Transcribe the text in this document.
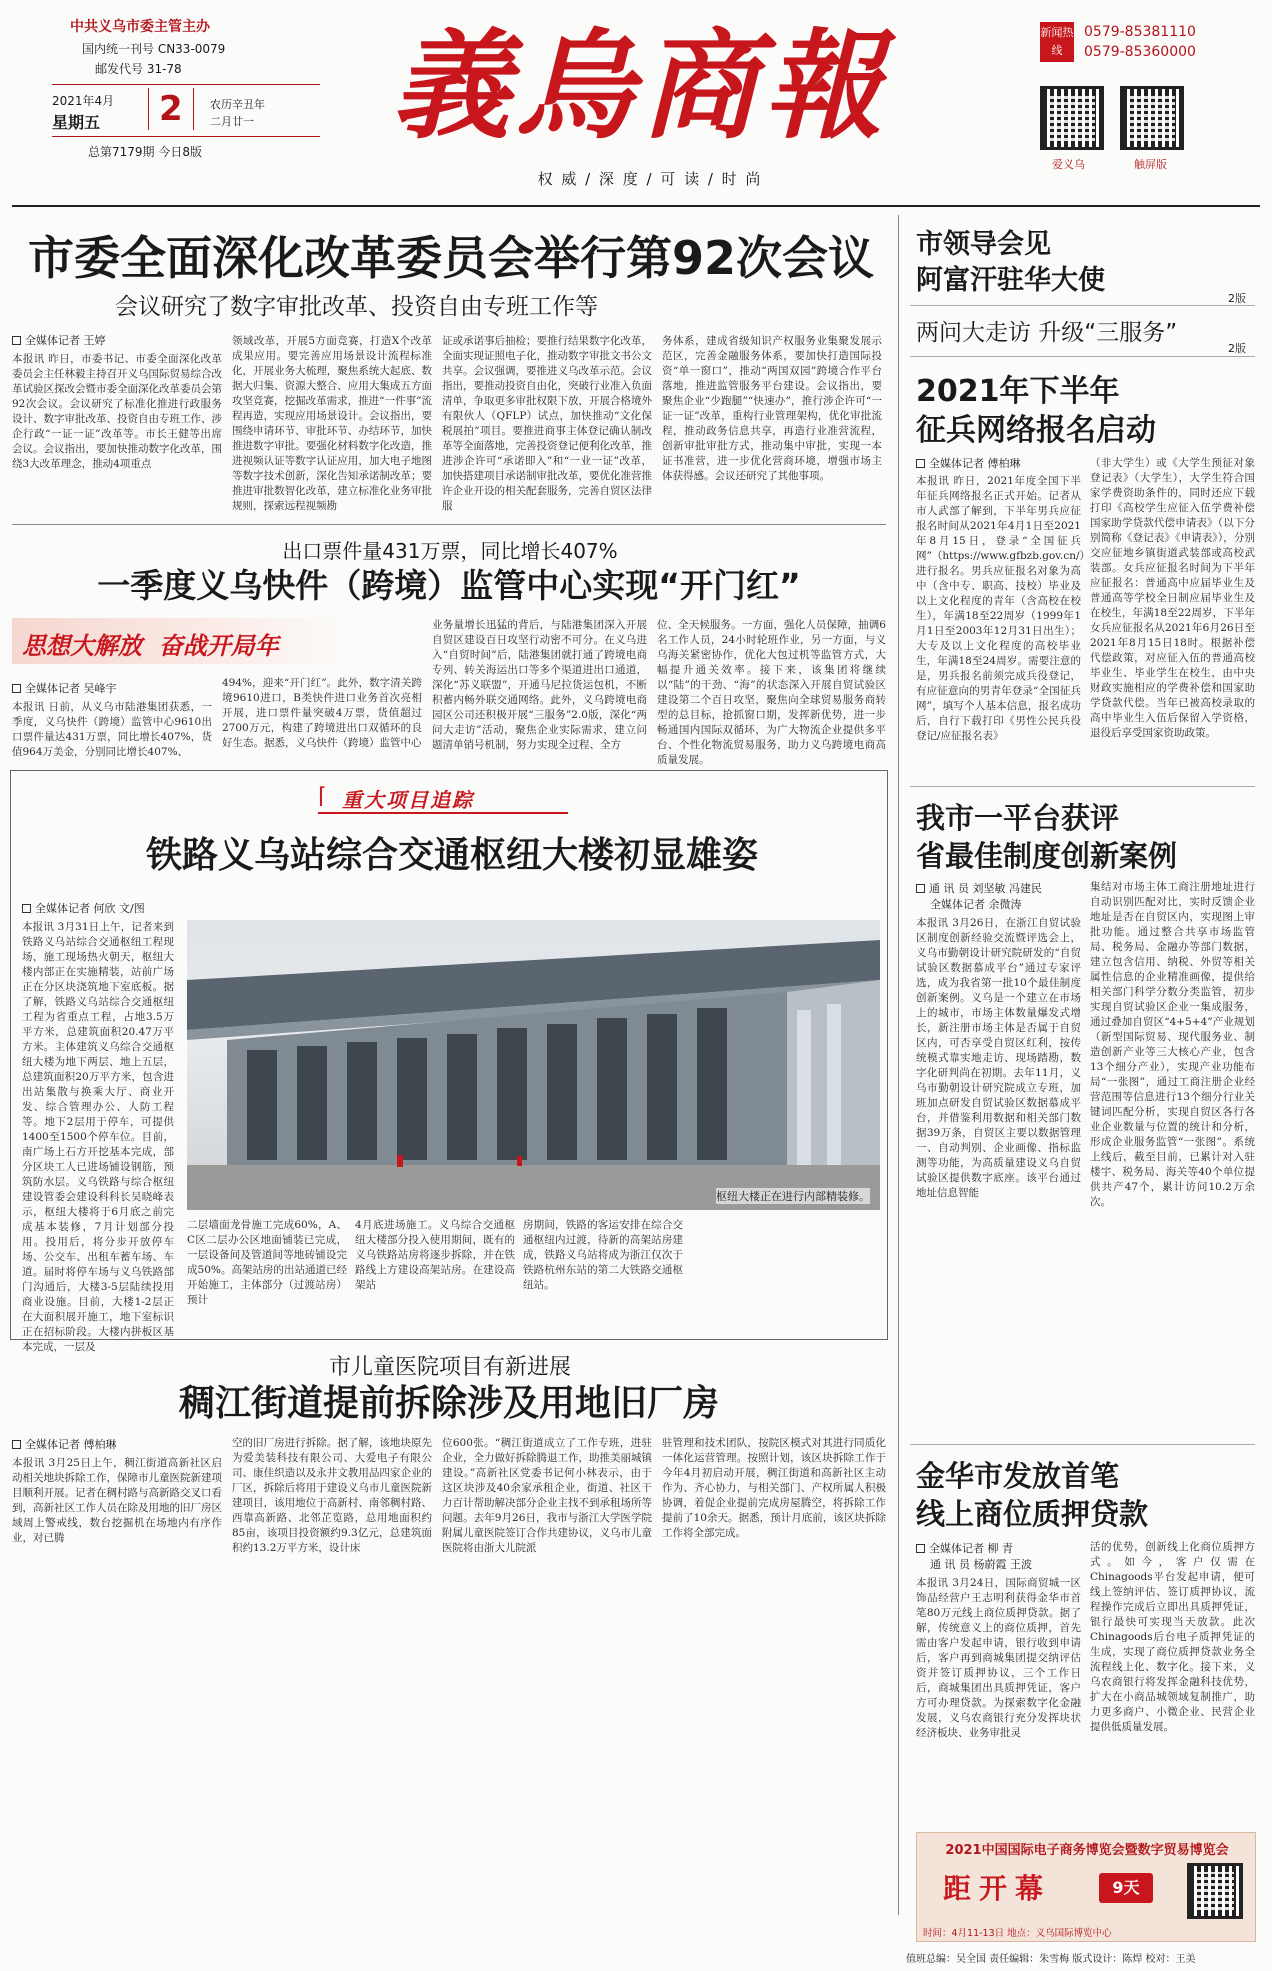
中共义乌市委主管主办
国内统一刊号 CN33-0079
邮发代号 31-78
2021年4月
星期五	2	农历辛丑年
二月廿一
总第7179期 今日8版 義烏商報
权 威 / 深 度 / 可 读 / 时 尚
新闻热线
0579-85381110
0579-85360000
爱义乌	触屏版
市委全面深化改革委员会举行第92次会议
会议研究了数字审批改革、投资自由专班工作等
全媒体记者 王婷
本报讯 昨日，市委书记、市委全面深化改革委员会主任林毅主持召开义乌国际贸易综合改革试验区探改会暨市委全面深化改革委员会第92次会议。会议研究了标准化推进行政服务设计、数字审批改革、投资自由专班工作、涉企行政“一证一证”改革等。市长王健等出席会议。会议指出，要加快推动数字化改革，围绕3大改革理念，推动4项重点
领域改革，开展5方面竞赛，打造X个改革成果应用。要完善应用场景设计流程标准化，开展业务大梳理，聚焦系统大起底、数据大归集、资源大整合、应用大集成五方面攻坚竞赛，挖掘改革需求，推进“一件事”流程再造，实现应用场景设计。会议指出，要围绕申请环节、审批环节、办结环节，加快推进数字审批。要强化材料数字化改造，推进视频认证等数字认证应用，加大电子地图等数字技术创新，深化告知承诺制改革；要推进审批数智化改革，建立标准化业务审批规则，探索远程视频勘
证或承诺事后抽检；要推行结果数字化改革，全面实现证照电子化，推动数字审批文书公文共享。会议强调，要推进义乌改革示范。会议指出，要推动投资自由化，突破行业准入负面清单，争取更多审批权限下放，开展合格境外有限伙人（QFLP）试点，加快推动“文化保税展拍”项目。要推进商事主体登记确认制改革等全面落地，完善投资登记便利化改革，推进涉企许可“承诺即入”和“一业一证”改革，加快搭建项目承诺制审批改革，要优化准营推许企业开设的相关配套服务，完善自贸区法律服
务体系，建成省级知识产权服务业集聚发展示范区，完善金融服务体系，要加快打造国际投资“单一窗口”，推动“两国双园”跨境合作平台落地，推进监管服务平台建设。会议指出，要聚焦企业“少跑腿”“快速办”，推行涉企许可“一证一证”改革，重构行业管理架构，优化审批流程，推动政务信息共享，再造行业准营流程，创新审批审批方式，推动集中审批，实现一本证书准营，进一步优化营商环境，增强市场主体获得感。会议还研究了其他事项。
出口票件量431万票，同比增长407%
一季度义乌快件（跨境）监管中心实现“开门红”
思想大解放  奋战开局年
全媒体记者 吴峰宇
本报讯 日前，从义乌市陆港集团获悉，一季度，义乌快件（跨境）监管中心9610出口票件量达431万票，同比增长407%，货值964万美金，分别同比增长407%、
494%，迎来“开门红”。此外，数字清关跨境9610进口，B类快件进口业务首次亮相开展，进口票件量突破4万票，货值超过2700万元，构建了跨境进出口双循环的良好生态。据悉，义乌快件（跨境）监管中心
业务量增长迅猛的背后，与陆港集团深入开展自贸区建设百日攻坚行动密不可分。在义乌进入“自贸时间”后，陆港集团就打通了跨境电商专列、转关海运出口等多个渠道进出口通道，深化“苏义联盟”，开通马尼拉货运包机，不断积蓄内畅外联交通网络。此外，义乌跨境电商园区公司还积极开展“三服务”2.0版，深化“两问大走访”活动，聚焦企业实际需求，建立问题清单销号机制，努力实现全过程、全方
位、全天候服务。一方面，强化人员保障，抽调6名工作人员，24小时轮班作业，另一方面，与义乌海关紧密协作，优化大包过机等监管方式，大幅提升通关效率。接下来，该集团将继续以“陆”的干劲、“海”的状态深入开展自贸试验区建设第二个百日攻坚，聚焦向全球贸易服务商转型的总目标，抢抓窗口期，发挥新优势，进一步畅通国内国际双循环，为广大物流企业提供多平台、个性化物流贸易服务，助力义乌跨境电商高质量发展。
⌈ 重大项目追踪
铁路义乌站综合交通枢纽大楼初显雄姿
全媒体记者 何欣 文/图
本报讯 3月31日上午，记者来到铁路义乌站综合交通枢纽工程现场，施工现场热火朝天，枢纽大楼内部正在实施精装，站前广场正在分区块浇筑地下室底板。据了解，铁路义乌站综合交通枢纽工程为省重点工程，占地3.5万平方米，总建筑面积20.47万平方米。主体建筑义乌综合交通枢纽大楼为地下两层、地上五层，总建筑面积20万平方米，包含进出站集散与换乘大厅、商业开发、综合管理办公、人防工程等。地下2层用于停车，可提供1400至1500个停车位。目前，南广场上石方开挖基本完成，部分区块工人已进场铺设钢筋，预筑防水层。义乌铁路与综合枢纽建设管委会建设科科长吴晓峰表示，枢纽大楼将于6月底之前完成基本装修，7月计划部分投用。投用后，将分步开放停车场、公交车、出租车蓄车场、车道。届时将停车场与义乌铁路部门沟通后，大楼3-5层陆续投用商业设施。目前，大楼1-2层正在大面积展开施工，地下室标识正在招标阶段。大楼内拼板区基本完成，一层及
枢纽大楼正在进行内部精装修。
二层墙面龙骨施工完成60%，A、C区二层办公区地面铺装已完成，一层设备间及管道间等地砖铺设完成50%。高架站房的出站通道已经开始施工，主体部分（过渡站房）预计
4月底进场施工。义乌综合交通枢纽大楼部分投入使用期间，既有的义乌铁路站房将逐步拆除，并在铁路线上方建设高架站房。在建设高架站
房期间，铁路的客运安排在综合交通枢纽内过渡，待新的高架站房建成，铁路义乌站将成为浙江仅次于铁路杭州东站的第二大铁路交通枢纽站。
市儿童医院项目有新进展
稠江街道提前拆除涉及用地旧厂房
全媒体记者 傅柏琳
本报讯 3月25日上午，稠江街道高新社区启动相关地块拆除工作，保障市儿童医院新建项目顺利开展。记者在稠村路与高新路交叉口看到，高新社区工作人员在除及用地的旧厂房区域周上警戒线，数台挖掘机在场地内有序作业，对已腾
空的旧厂房进行拆除。据了解，该地块原先为爱美装科技有限公司、大爱电子有限公司、康佳织造以及永井文教用品四家企业的厂区，拆除后将用于建设义乌市儿童医院新建项目，该用地位于高新村、南邻稠村路、西靠高新路、北邻芷览路，总用地面积约85亩，该项目投资额约9.3亿元，总建筑面积约13.2万平方米，设计床
位600张。“稠江街道成立了工作专班，进驻企业，全力做好拆除腾退工作，助推美丽城镇建设。”高新社区党委书记何小林表示，由于这区块涉及40余家承租企业，街道、社区干力百计帮助解决部分企业主找不到承租场所等问题。去年9月26日，我市与浙江大学医学院附属儿童医院签订合作共建协议，义乌市儿童医院将由浙大儿院派
驻管理和技术团队，按院区模式对其进行同质化一体化运营管理。按照计划，该区块拆除工作于今年4月初启动开展，稠江街道和高新社区主动作为、齐心协力，与相关部门、产权所属人积极协调，着促企业提前完成房屋腾空，将拆除工作提前了10余天。据悉，预计月底前，该区块拆除工作将全部完成。
市领导会见
阿富汗驻华大使
2版
两问大走访 升级“三服务”
2版
2021年下半年
征兵网络报名启动
全媒体记者 傅柏琳
本报讯 昨日，2021年度全国下半年征兵网络报名正式开始。记者从市人武部了解到，下半年男兵应征报名时间从2021年4月1日至2021年8月15日，登录“全国征兵网”（https://www.gfbzb.gov.cn/）进行报名。男兵应征报名对象为高中（含中专、职高、技校）毕业及以上文化程度的青年（含高校在校生），年满18至22周岁（1999年1月1日至2003年12月31日出生）；大专及以上文化程度的高校毕业生，年满18至24周岁。需要注意的是，男兵报名前须完成兵役登记，有应征意向的男青年登录“全国征兵网”，填写个人基本信息，报名成功后，自行下载打印《男性公民兵役登记/应征报名表》
（非大学生）或《大学生预征对象登记表》（大学生），大学生符合国家学费资助条件的，同时还应下载打印《高校学生应征入伍学费补偿国家助学贷款代偿申请表》（以下分别简称《登记表》《申请表》），分别交应征地乡镇街道武装部或高校武装部。女兵应征报名时间为下半年应征报名：普通高中应届毕业生及普通高等学校全日制应届毕业生及在校生，年满18至22周岁，下半年女兵应征报名从2021年6月26日至2021年8月15日18时。根据补偿代偿政策，对应征入伍的普通高校毕业生、毕业学生在校生，由中央财政实施相应的学费补偿和国家助学贷款代偿。当年已被高校录取的高中毕业生入伍后保留入学资格，退役后享受国家资助政策。
我市一平台获评
省最佳制度创新案例
通 讯 员 刘坚敏 冯建民
全媒体记者 余微涛
本报讯 3月26日，在浙江自贸试验区制度创新经验交流暨评选会上，义乌市勤朝设计研究院研发的“自贸试验区数据慕成平台”通过专家评选，成为我省第一批10个最佳制度创新案例。义乌是一个建立在市场上的城市，市场主体数量爆发式增长，新注册市场主体是否属于自贸区内，可否享受自贸区红利，按传统模式靠实地走访、现场踏勘，数字化研判尚在初期。去年11月，义乌市勤朝设计研究院成立专班，加班加点研发自贸试验区数据慕成平台，并借鉴利用数据和相关部门数据39万条，自贸区主要以数据管理一、自动判别、企业画像、指标监测等功能，为高质量建设义乌自贸试验区提供数字底座。该平台通过地址信息智能
集结对市场主体工商注册地址进行自动识别匹配对比，实时反馈企业地址是否在自贸区内，实现图上审批功能。通过整合共享市场监管局、税务局、金融办等部门数据，建立包含信用、纳税、外贸等相关属性信息的企业精准画像，提供给相关部门科学分数分类监管，初步实现自贸试验区企业一集成服务，通过叠加自贸区“4+5+4”产业规划（新型国际贸易、现代服务业、制造创新产业等三大核心产业，包含13个细分产业），实现产业功能布局“一张图”，通过工商注册企业经营范围等信息进行13个细分行业关键词匹配分析，实现自贸区各行各业企业数量与位置的统计和分析，形成企业服务监管“一张图”。系统上线后，截至目前，已累计对入驻楼宇、税务局、海关等40个单位提供共产47个，累计访问10.2万余次。
金华市发放首笔
线上商位质押贷款
全媒体记者 柳 青
通 讯 员 杨蔚霞 王波
本报讯 3月24日，国际商贸城一区饰品经营户王志明利获得金华市首笔80万元线上商位质押贷款。据了解，传统意义上的商位质押，首先需由客户发起申请，银行收到申请后，客户再到商城集团提交纳评估资并签订质押协议，三个工作日后，商城集团出具质押凭证，客户方可办理贷款。为探索数字化金融发展，义乌农商银行充分发挥块状经济板块、业务审批灵
活的优势，创新线上化商位质押方式。如今，客户仅需在Chinagoods平台发起申请，便可线上签纳评估、签订质押协议，流程操作完成后立即出具质押凭证，银行最快可实现当天放款。此次Chinagoods后台电子质押凭证的生成，实现了商位质押贷款业务全流程线上化、数字化。接下来，义乌农商银行将发挥金融科技优势，扩大在小商品城领域复制推广，助力更多商户、小微企业、民营企业提供低质量发展。
2021中国国际电子商务博览会暨数字贸易博览会
距开幕	9天
时间：4月11-13日 地点：义乌国际博览中心
值班总编：吴全国 责任编辑：朱雪梅 版式设计：陈焊 校对：王美
